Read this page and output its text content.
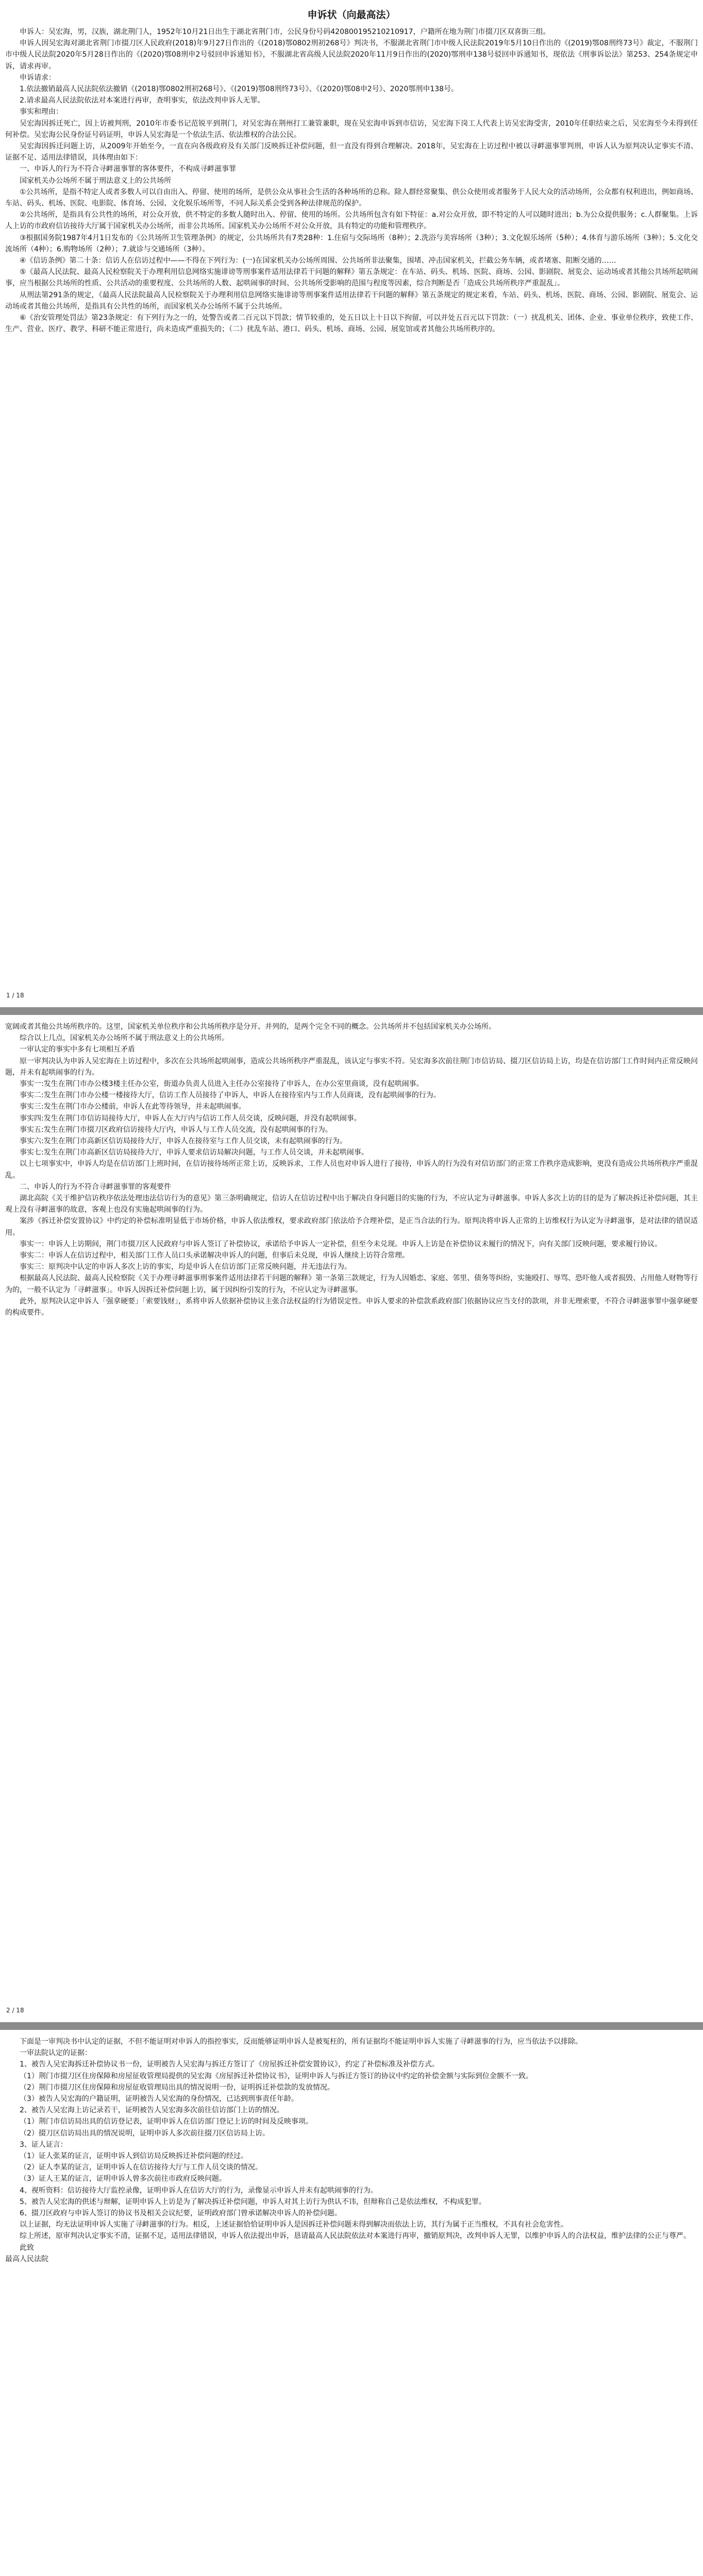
申诉状（向最高法）

申诉人：吴宏海，男，汉族，湖北荆门人，1952年10月21日出生于湖北省荆门市，公民身份号码420800195210210917，户籍所在地为荆门市掇刀区双喜街三组。

申诉人因吴宏海对湖北省荆门市掇刀区人民政府(2018)年9月27日作出的《(2018)鄂0802刑初268号》判决书，不服湖北省荆门市中级人民法院2019年5月10日作出的《(2019)鄂08刑终73号》裁定，不服荆门市中级人民法院2020年5月28日作出的《(2020)鄂08刑申2号驳回申诉通知书》，不服湖北省高级人民法院2020年11月9日作出的(2020)鄂刑申138号驳回申诉通知书，现依法《刑事诉讼法》第253、254条规定申诉，请求再审。

申诉请求：

1.依法撤销最高人民法院依法撤销《(2018)鄂0802刑初268号》、《(2019)鄂08刑终73号》、《(2020)鄂08申2号》、2020鄂刑申138号。

2.请求最高人民法院依法对本案进行再审，查明事实，依法改判申诉人无罪。

事实和理由：

吴宏海因拆迁死亡，因上访被判刑，2010年市委书记范锐平到荆门，对吴宏海在荆州打工兼管兼职，现在吴宏海申诉到市信访，吴宏海下岗工人代表上访吴宏海受害，2010年任职结束之后，吴宏海至今未得到任何补偿。吴宏海公民身份证号码证明，申诉人吴宏海是一个依法生活、依法维权的合法公民。

吴宏海因拆迁问题上访，从2009年开始至今，一直在向各级政府及有关部门反映拆迁补偿问题，但一直没有得到合理解决。2018年，吴宏海在上访过程中被以寻衅滋事罪判刑，申诉人认为原判决认定事实不清、证据不足、适用法律错误，具体理由如下：

一、申诉人的行为不符合寻衅滋事罪的客体要件，不构成寻衅滋事罪

国家机关办公场所不属于刑法意义上的公共场所

①公共场所，是指不特定人或者多数人可以自由出入、停留、使用的场所，是供公众从事社会生活的各种场所的总称。除人群经常聚集、供公众使用或者服务于人民大众的活动场所，公众都有权利进出，例如商场、车站、码头、机场、医院、电影院、体育场、公园、文化娱乐场所等，不同人际关系会受到各种法律规范的保护。

②公共场所，是指具有公共性的场所，对公众开放，供不特定的多数人随时出入、停留、使用的场所。公共场所包含有如下特征：a.对公众开放，即不特定的人可以随时进出；b.为公众提供服务；c.人群聚集。上诉人上访的市政府信访接待大厅属于国家机关办公场所，而非公共场所。国家机关办公场所不对公众开放，具有特定的功能和管理秩序。

③根据国务院1987年4月1日发布的《公共场所卫生管理条例》的规定，公共场所共有7类28种：1.住宿与交际场所（8种）；2.洗浴与美容场所（3种）；3.文化娱乐场所（5种）；4.体育与游乐场所（3种）；5.文化交流场所（4种）；6.购物场所（2种）；7.就诊与交通场所（3种）。

④《信访条例》第二十条：信访人在信访过程中——不得在下列行为：(一)在国家机关办公场所周围、公共场所非法聚集，围堵、冲击国家机关，拦截公务车辆，或者堵塞、阻断交通的……

⑤《最高人民法院、最高人民检察院关于办理利用信息网络实施诽谤等刑事案件适用法律若干问题的解释》第五条规定：在车站、码头、机场、医院、商场、公园、影剧院、展览会、运动场或者其他公共场所起哄闹事，应当根据公共场所的性质、公共活动的重要程度、公共场所的人数、起哄闹事的时间、公共场所受影响的范围与程度等因素，综合判断是否「造成公共场所秩序严重混乱」。

从刑法第291条的规定，《最高人民法院最高人民检察院关于办理利用信息网络实施诽谤等刑事案件适用法律若干问题的解释》第五条规定的规定来看，车站、码头、机场、医院、商场、公园、影剧院、展览会、运动场或者其他公共场所，是指具有公共性的场所，而国家机关办公场所不属于公共场所。

⑥《治安管理处罚法》第23条规定：有下列行为之一的，处警告或者二百元以下罚款；情节较重的，处五日以上十日以下拘留，可以并处五百元以下罚款：（一）扰乱机关、团体、企业、事业单位秩序，致使工作、生产、营业、医疗、教学、科研不能正常进行，尚未造成严重损失的；（二）扰乱车站、港口、码头、机场、商场、公园、展览馆或者其他公共场所秩序的。

1 / 18

宽阔或者其他公共场所秩序的。这里，国家机关单位秩序和公共场所秩序是分开、并列的，是两个完全不同的概念。公共场所并不包括国家机关办公场所。

综合以上几点，国家机关办公场所不属于刑法意义上的公共场所。

一审认定的事实中多有七项相互矛盾

原一审判决认为申诉人吴宏海在上访过程中，多次在公共场所起哄闹事，造成公共场所秩序严重混乱，该认定与事实不符。吴宏海多次前往荆门市信访局、掇刀区信访局上访，均是在信访部门工作时间内正常反映问题，并未有起哄闹事的行为。

事实一:发生在荆门市办公楼3楼主任办公室，街道办负责人员进入主任办公室接待了申诉人，在办公室里商谈，没有起哄闹事。

事实二:发生在荆门市办公楼一楼接待大厅，信访工作人员接待了申诉人，申诉人在接待室内与工作人员商谈，没有起哄闹事的行为。

事实三:发生在荆门市办公楼前，申诉人在此等待领导，并未起哄闹事。

事实四:发生在荆门市信访局接待大厅，申诉人在大厅内与信访工作人员交谈，反映问题，并没有起哄闹事。

事实五:发生在荆门市掇刀区政府信访接待大厅内，申诉人与工作人员交流，没有起哄闹事的行为。

事实六:发生在荆门市高新区信访局接待大厅，申诉人在接待室与工作人员交谈，未有起哄闹事的行为。

事实七:发生在荆门市高新区信访局接待大厅，申诉人要求信访局解决问题，与工作人员交谈，并未起哄闹事。

以上七项事实中，申诉人均是在信访部门上班时间，在信访接待场所正常上访，反映诉求，工作人员也对申诉人进行了接待，申诉人的行为没有对信访部门的正常工作秩序造成影响，更没有造成公共场所秩序严重混乱。

二、申诉人的行为不符合寻衅滋事罪的客观要件

湖北高院《关于维护信访秩序依法处理违法信访行为的意见》第三条明确规定，信访人在信访过程中出于解决自身问题目的实施的行为，不应认定为寻衅滋事。申诉人多次上访的目的是为了解决拆迁补偿问题，其主观上没有寻衅滋事的故意，客观上也没有实施起哄闹事的行为。

案涉《拆迁补偿安置协议》中约定的补偿标准明显低于市场价格，申诉人依法维权，要求政府部门依法给予合理补偿，是正当合法的行为。原判决将申诉人正常的上访维权行为认定为寻衅滋事，是对法律的错误适用。

事实一：申诉人上访期间，荆门市掇刀区人民政府与申诉人签订了补偿协议，承诺给予申诉人一定补偿，但至今未兑现。申诉人上访是在补偿协议未履行的情况下，向有关部门反映问题，要求履行协议。

事实二：申诉人在信访过程中，相关部门工作人员口头承诺解决申诉人的问题，但事后未兑现，申诉人继续上访符合常理。

事实三：原判决中认定的申诉人多次上访的事实，均是申诉人在信访部门正常反映问题，并无违法行为。

根据最高人民法院、最高人民检察院《关于办理寻衅滋事刑事案件适用法律若干问题的解释》第一条第三款规定，行为人因婚恋、家庭、邻里、债务等纠纷，实施殴打、辱骂、恐吓他人或者损毁、占用他人财物等行为的，一般不认定为「寻衅滋事」。申诉人因拆迁补偿问题上访，属于因纠纷引发的行为，不应认定为寻衅滋事。

此外，原判决认定申诉人「强拿硬要」「索要钱财」，系将申诉人依据补偿协议主张合法权益的行为错误定性。申诉人要求的补偿款系政府部门依据协议应当支付的款项，并非无理索要，不符合寻衅滋事罪中强拿硬要的构成要件。

2 / 18

下面是一审判决书中认定的证据，不但不能证明对申诉人的指控事实，反而能够证明申诉人是被冤枉的，所有证据均不能证明申诉人实施了寻衅滋事的行为，应当依法予以排除。

一审法院认定的证据：

1、被告人吴宏海拆迁补偿协议书一份，证明被告人吴宏海与拆迁方签订了《房屋拆迁补偿安置协议》，约定了补偿标准及补偿方式。

（1）荆门市掇刀区住房保障和房屋征收管理局提供的吴宏海《房屋拆迁补偿协议书》，证明申诉人与拆迁方签订的协议中约定的补偿金额与实际到位金额不一致。

（2）荆门市掇刀区住房保障和房屋征收管理局出具的情况说明一份，证明拆迁补偿款的发放情况。

（3）被告人吴宏海的户籍证明，证明被告人吴宏海的身份情况，已达到刑事责任年龄。

2、被告人吴宏海上访记录若干，证明被告人吴宏海多次前往信访部门上访的情况。

（1）荆门市信访局出具的信访登记表，证明申诉人在信访部门登记上访的时间及反映事项。

（2）掇刀区信访局出具的情况说明，证明申诉人多次前往掇刀区信访局上访。

3、证人证言：

（1）证人张某的证言，证明申诉人到信访局反映拆迁补偿问题的经过。

（2）证人李某的证言，证明申诉人在信访接待大厅与工作人员交谈的情况。

（3）证人王某的证言，证明申诉人曾多次前往市政府反映问题。

4、视听资料：信访接待大厅监控录像，证明申诉人在信访大厅的行为，录像显示申诉人并未有起哄闹事的行为。

5、被告人吴宏海的供述与辩解，证明申诉人上访是为了解决拆迁补偿问题，申诉人对其上访行为供认不讳，但辩称自己是依法维权，不构成犯罪。

6、掇刀区政府与申诉人签订的协议书及相关会议纪要，证明政府部门曾承诺解决申诉人的补偿问题。

以上证据，均无法证明申诉人实施了寻衅滋事的行为。相反，上述证据恰恰证明申诉人是因拆迁补偿问题未得到解决而依法上访，其行为属于正当维权，不具有社会危害性。

综上所述，原审判决认定事实不清，证据不足，适用法律错误，申诉人依法提出申诉，恳请最高人民法院依法对本案进行再审，撤销原判决，改判申诉人无罪，以维护申诉人的合法权益，维护法律的公正与尊严。

此致

最高人民法院
